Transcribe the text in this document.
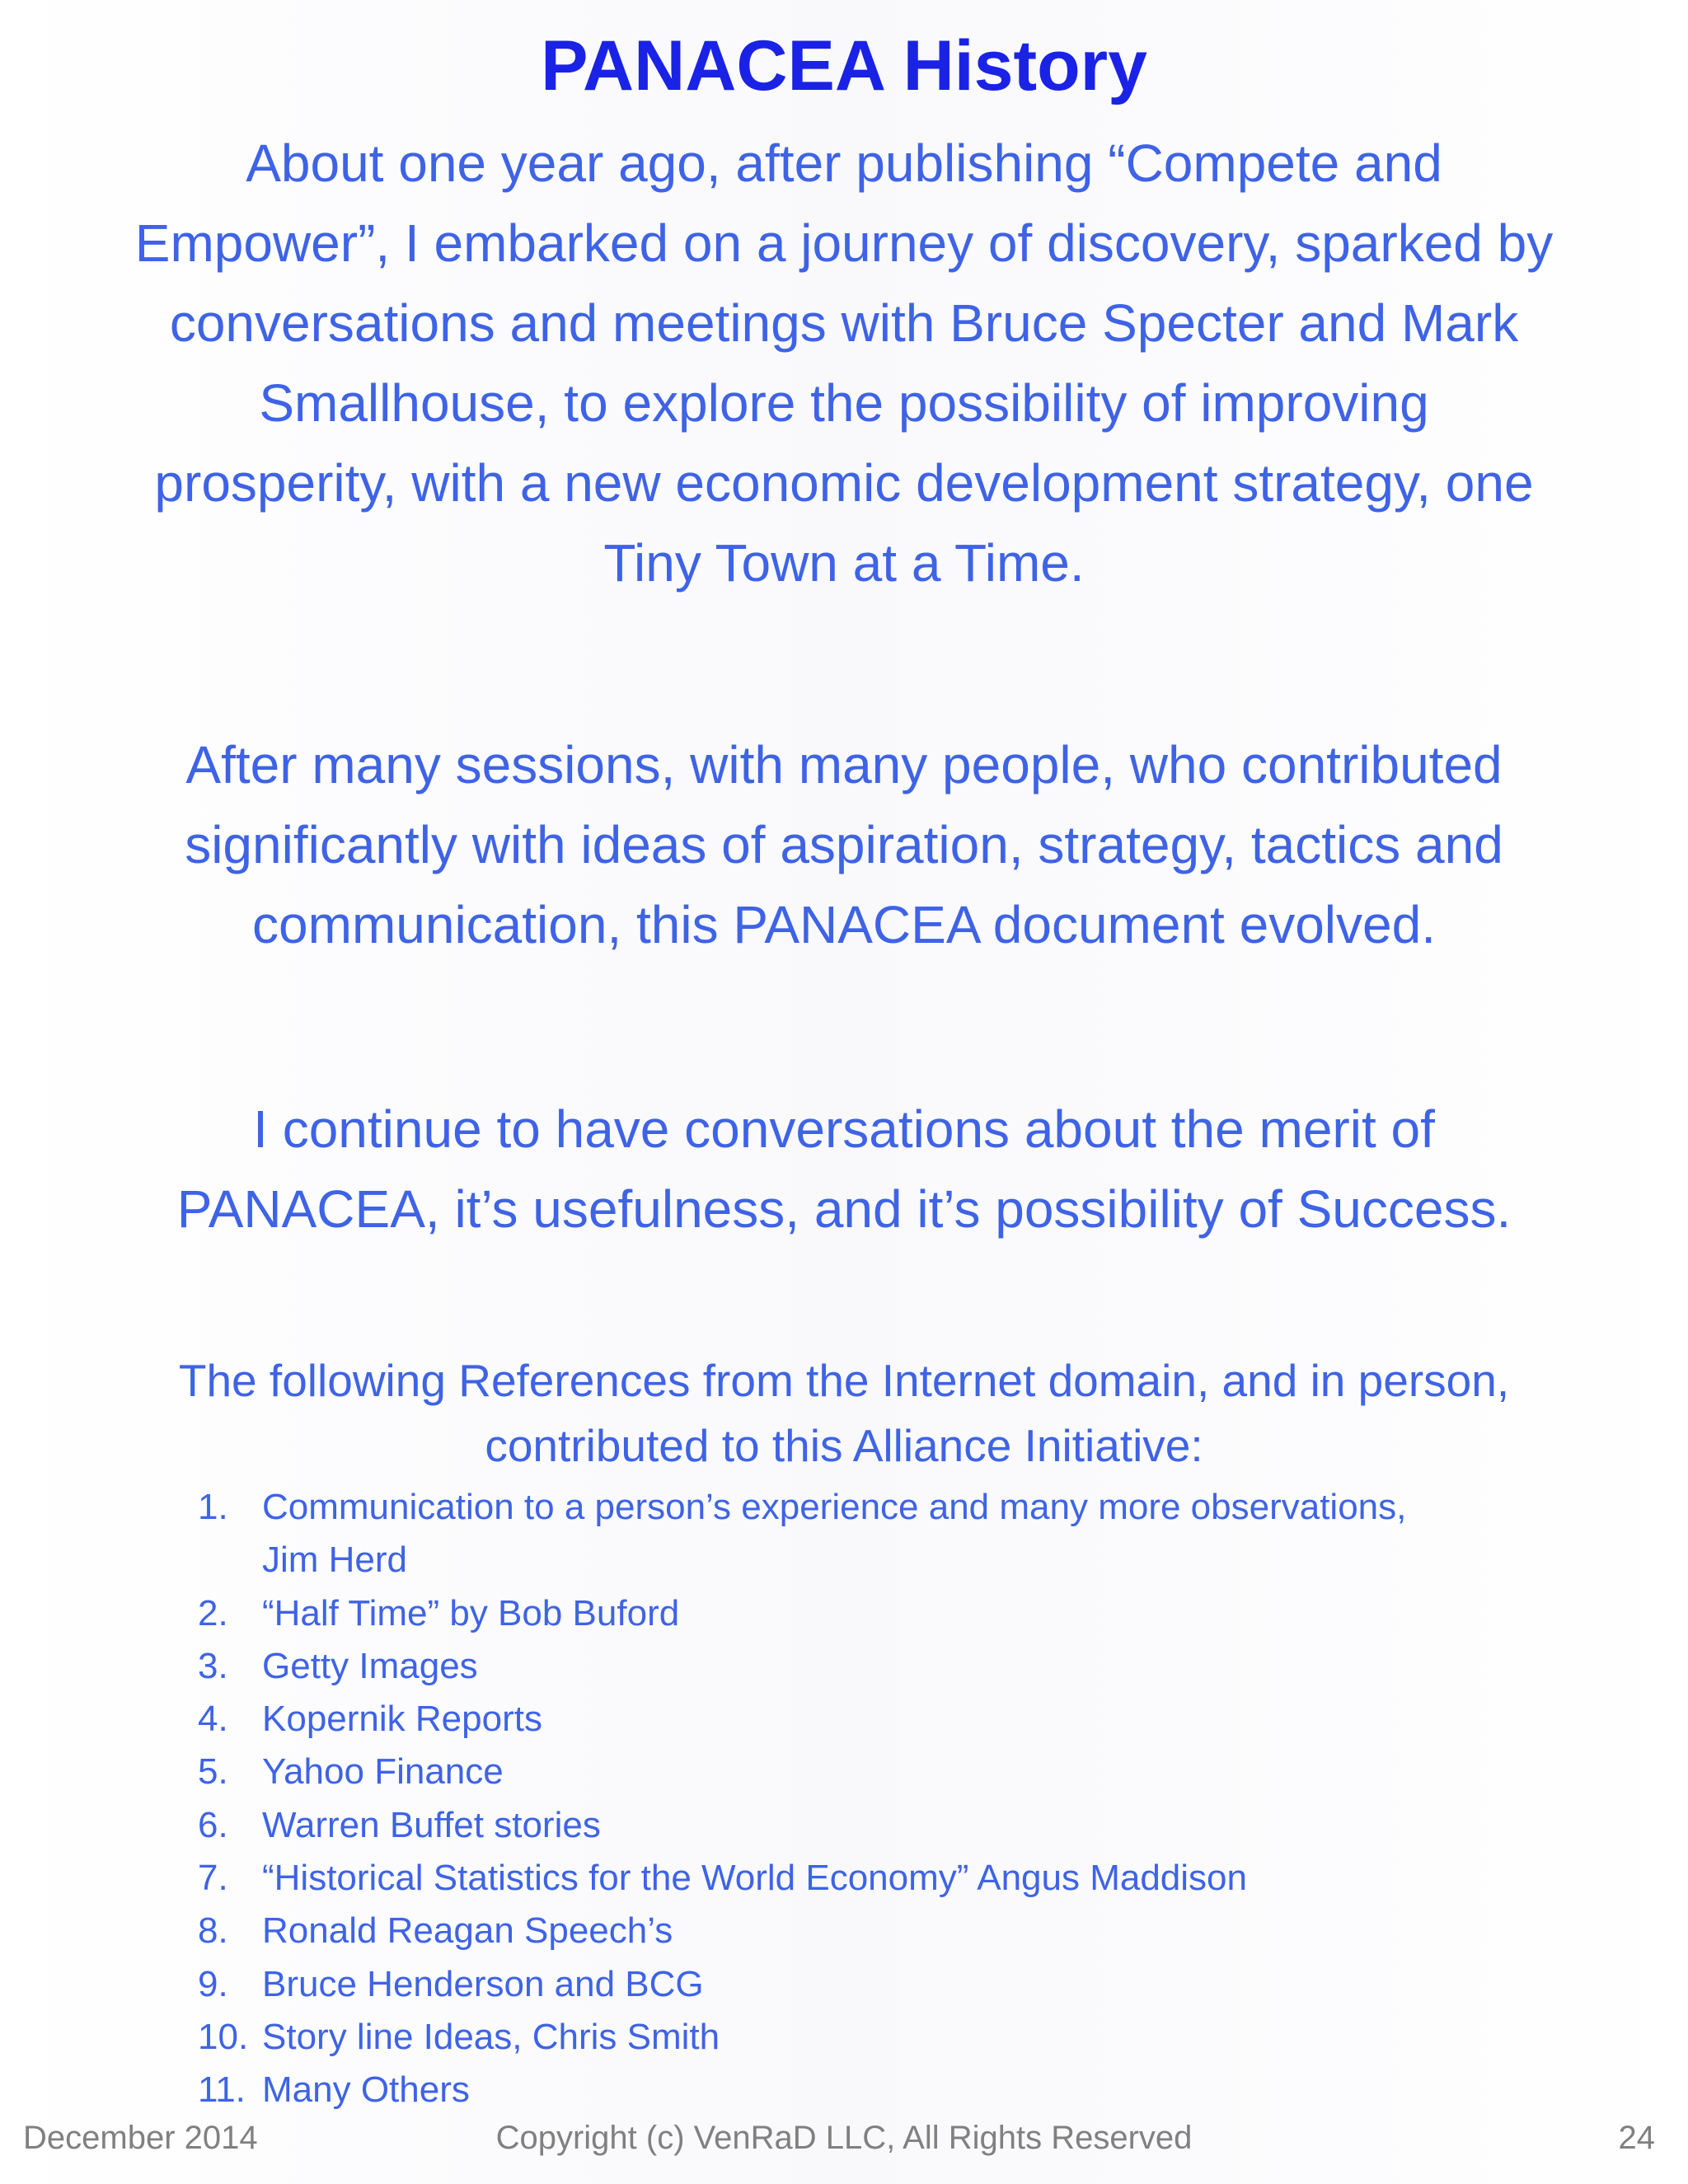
PANACEA History
About one year ago, after publishing “Compete and Empower”, I embarked on a journey of discovery, sparked by conversations and meetings with Bruce Specter and Mark Smallhouse, to explore the possibility of improving prosperity, with a new economic development strategy, one Tiny Town at a Time.
After many sessions, with many people, who contributed significantly with ideas of aspiration, strategy, tactics and communication, this PANACEA document evolved.
I continue to have conversations about the merit of PANACEA, it’s usefulness, and it’s possibility of Success.
The following References from the Internet domain, and in person, contributed to this Alliance Initiative:
1. Communication to a person’s experience and many more observations, Jim Herd
2. “Half Time” by Bob Buford
3. Getty Images
4. Kopernik Reports
5. Yahoo Finance
6. Warren Buffet stories
7. “Historical Statistics for the World Economy” Angus Maddison
8. Ronald Reagan Speech’s
9. Bruce Henderson and BCG
10. Story line Ideas, Chris Smith
11. Many Others
December 2014	Copyright (c) VenRaD LLC, All Rights Reserved	24
